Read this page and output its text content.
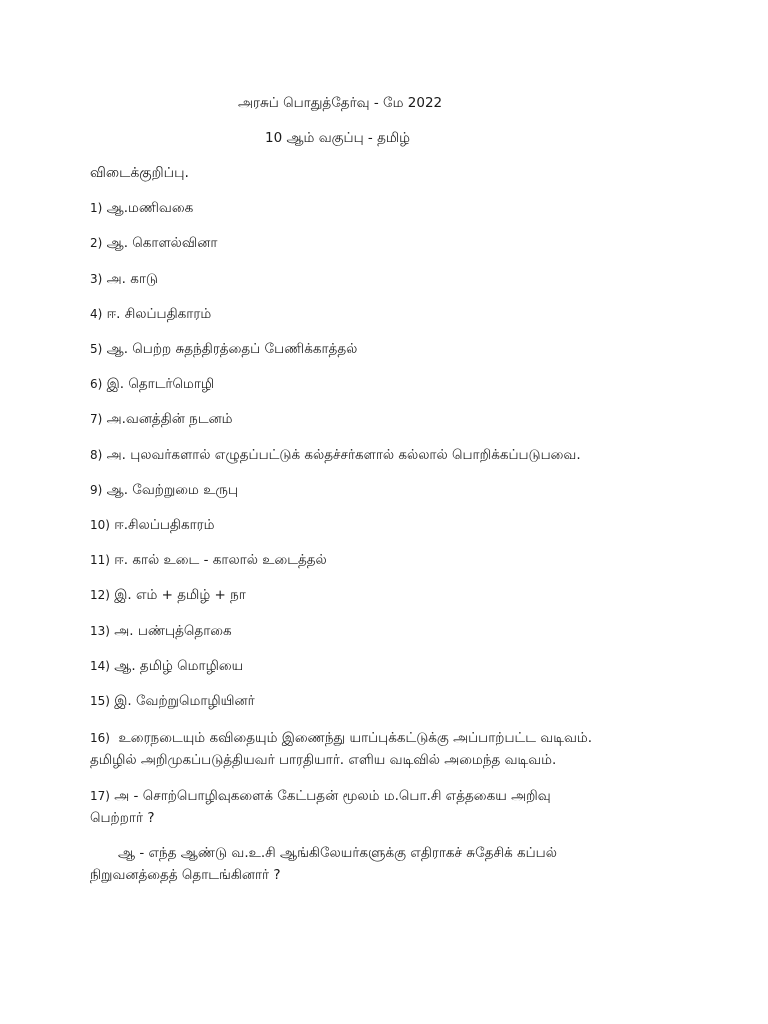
அரசுப் பொதுத்தேர்வு - மே 2022
10 ஆம் வகுப்பு - தமிழ்
விடைக்குறிப்பு.
1) ஆ.மணிவகை
2) ஆ. கொளல்வினா
3) அ. காடு
4) ஈ. சிலப்பதிகாரம்
5) ஆ. பெற்ற சுதந்திரத்தைப் பேணிக்காத்தல்
6) இ. தொடர்மொழி
7) அ.வனத்தின் நடனம்
8) அ. புலவர்களால் எழுதப்பட்டுக் கல்தச்சர்களால் கல்லால் பொறிக்கப்படுபவை.
9) ஆ. வேற்றுமை உருபு
10) ஈ.சிலப்பதிகாரம்
11) ஈ. கால் உடை - காலால் உடைத்தல்
12) இ. எம் + தமிழ் + நா
13) அ. பண்புத்தொகை
14) ஆ. தமிழ் மொழியை
15) இ. வேற்றுமொழியினர்
16) உரைநடையும் கவிதையும் இணைந்து யாப்புக்கட்டுக்கு அப்பாற்பட்ட வடிவம்.
தமிழில் அறிமுகப்படுத்தியவர் பாரதியார். எளிய வடிவில் அமைந்த வடிவம்.
17) அ - சொற்பொழிவுகளைக் கேட்பதன் மூலம் ம.பொ.சி எத்தகைய அறிவு
பெற்றார் ?
ஆ - எந்த ஆண்டு வ.உ.சி ஆங்கிலேயர்களுக்கு எதிராகச் சுதேசிக் கப்பல்
நிறுவனத்தைத் தொடங்கினார் ?
